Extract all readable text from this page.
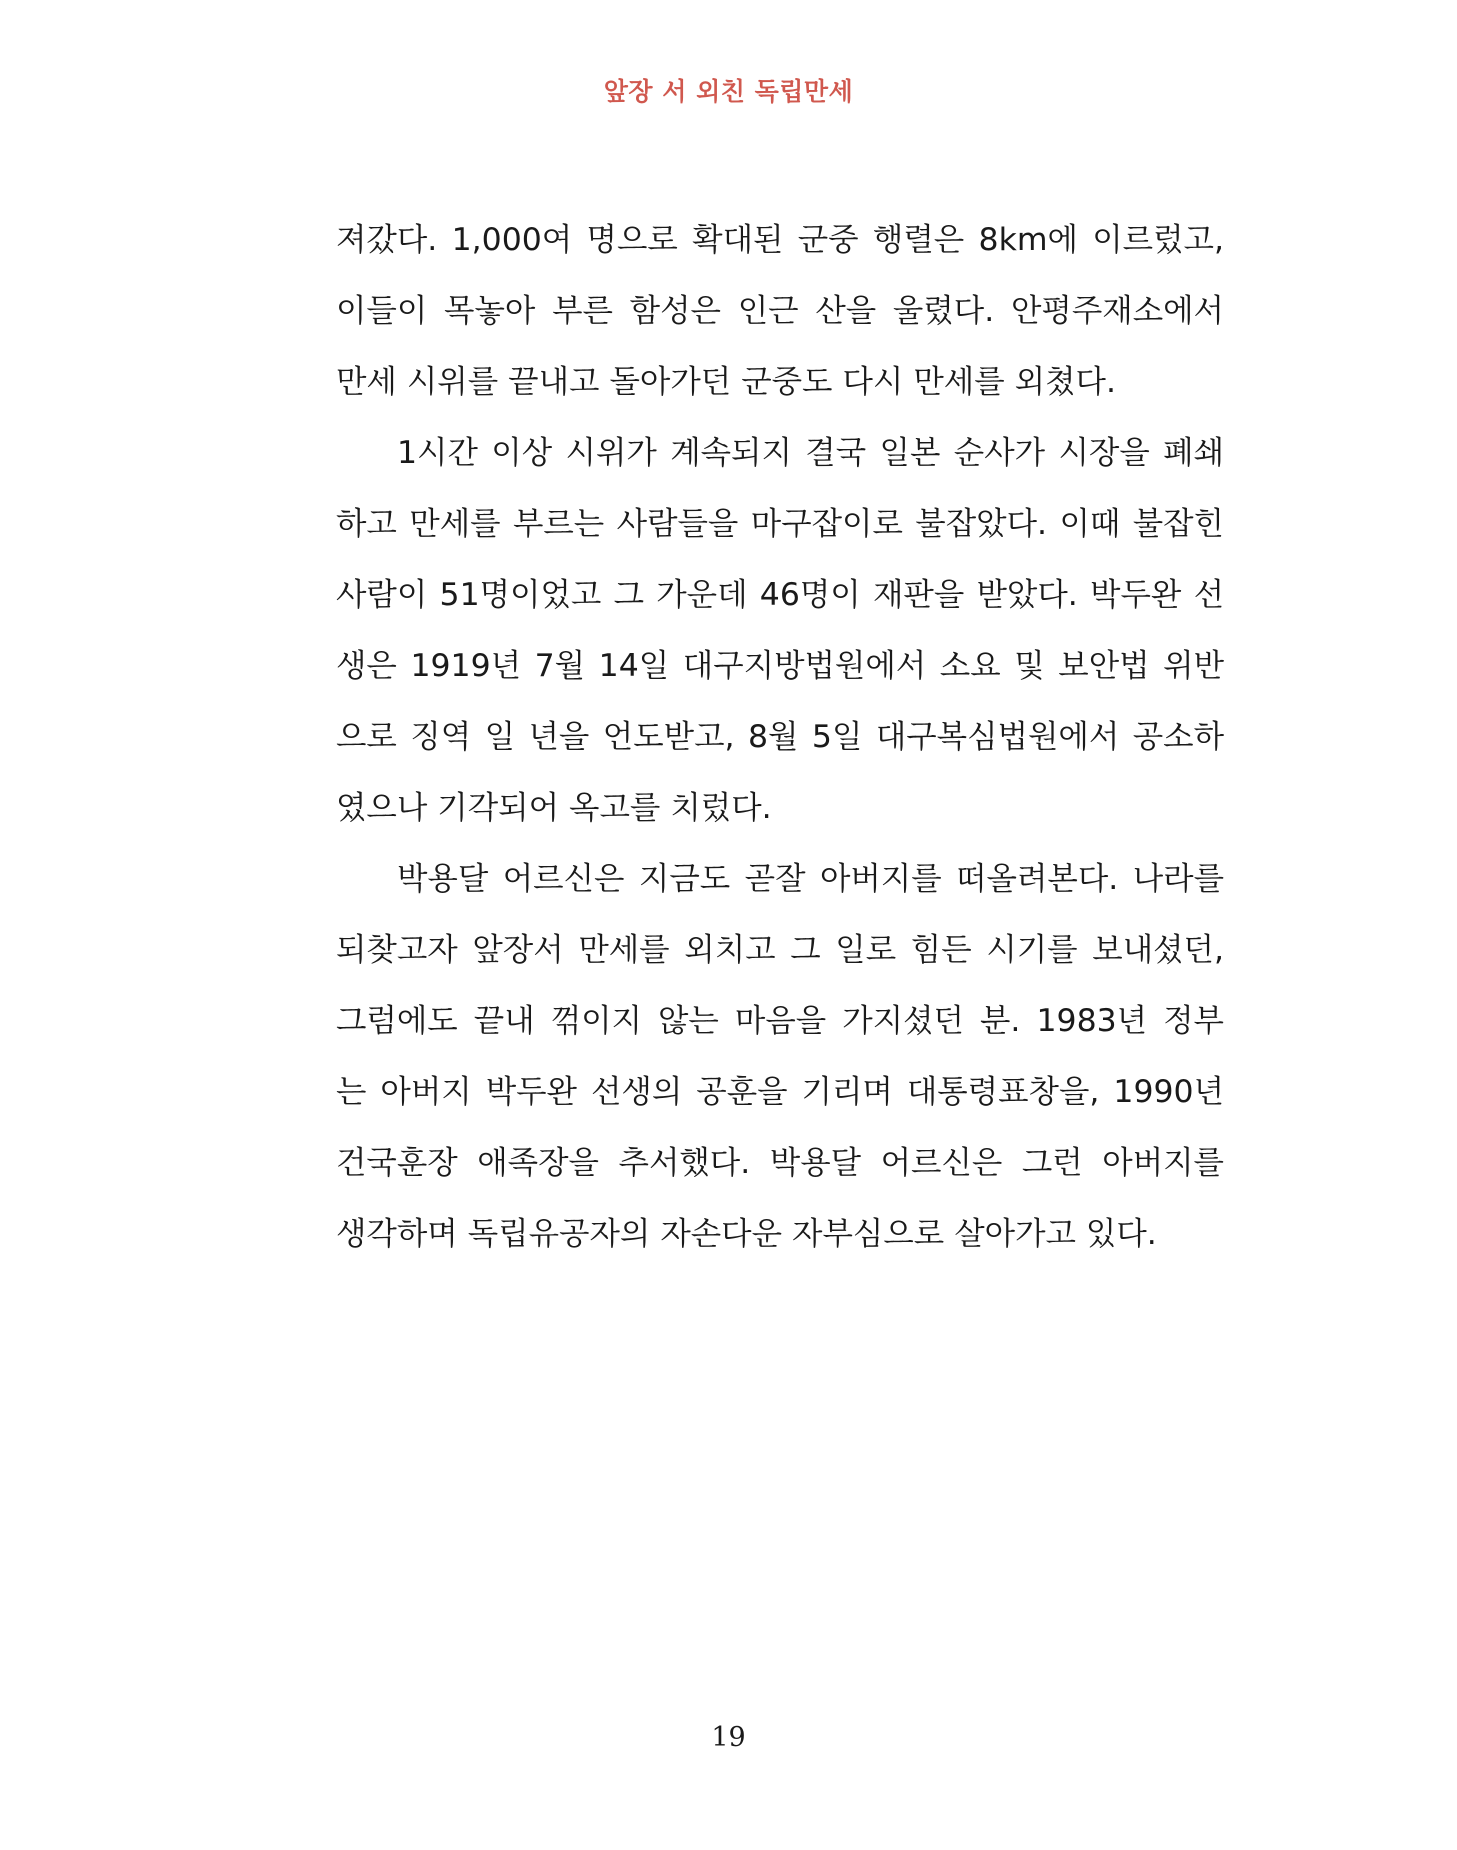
앞장 서 외친 독립만세
져갔다. 1,000여 명으로 확대된 군중 행렬은 8km에 이르렀고,
이들이 목놓아 부른 함성은 인근 산을 울렸다. 안평주재소에서
만세 시위를 끝내고 돌아가던 군중도 다시 만세를 외쳤다.
1시간 이상 시위가 계속되지 결국 일본 순사가 시장을 폐쇄
하고 만세를 부르는 사람들을 마구잡이로 불잡았다. 이때 불잡힌
사람이 51명이었고 그 가운데 46명이 재판을 받았다. 박두완 선
생은 1919년 7월 14일 대구지방법원에서 소요 및 보안법 위반
으로 징역 일 년을 언도받고, 8월 5일 대구복심법원에서 공소하
였으나 기각되어 옥고를 치렀다.
박용달 어르신은 지금도 곧잘 아버지를 떠올려본다. 나라를
되찾고자 앞장서 만세를 외치고 그 일로 힘든 시기를 보내셨던,
그럼에도 끝내 꺾이지 않는 마음을 가지셨던 분. 1983년 정부
는 아버지 박두완 선생의 공훈을 기리며 대통령표창을, 1990년
건국훈장 애족장을 추서했다. 박용달 어르신은 그런 아버지를
생각하며 독립유공자의 자손다운 자부심으로 살아가고 있다.
19
